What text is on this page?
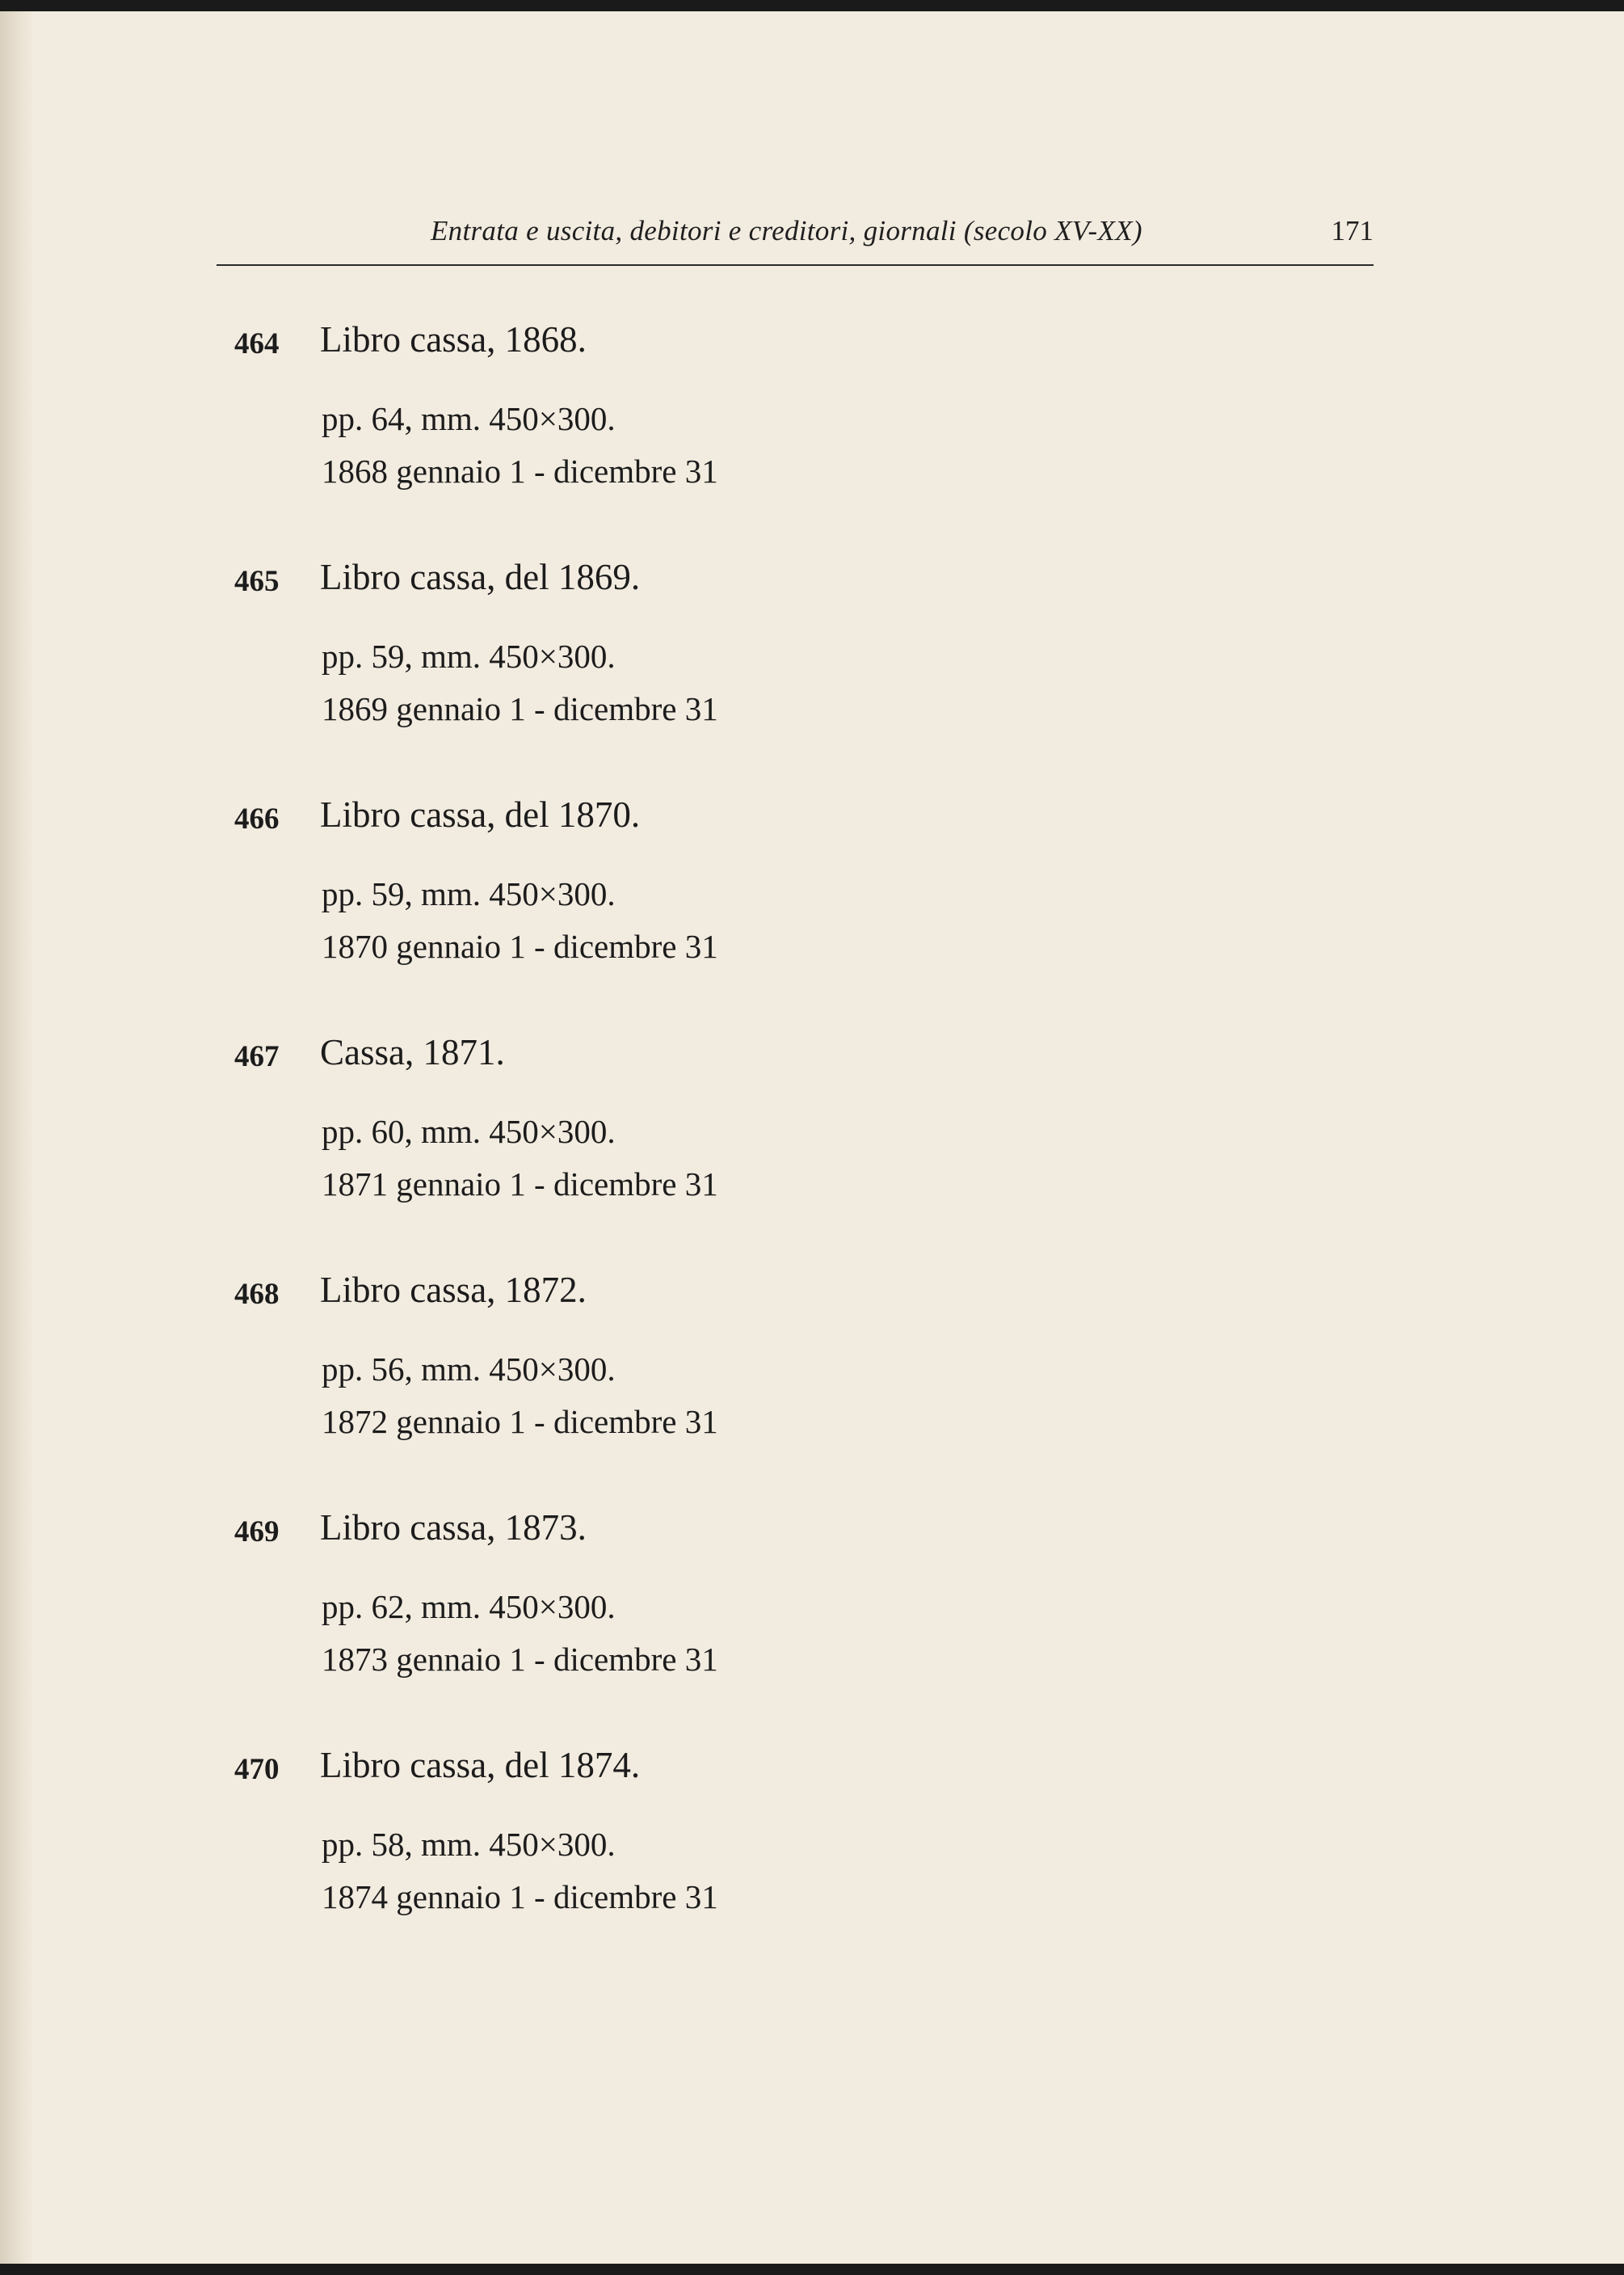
Entrata e uscita, debitori e creditori, giornali (secolo XV-XX)	171
464 Libro cassa, 1868.
pp. 64, mm. 450×300.
1868 gennaio 1 - dicembre 31
465 Libro cassa, del 1869.
pp. 59, mm. 450×300.
1869 gennaio 1 - dicembre 31
466 Libro cassa, del 1870.
pp. 59, mm. 450×300.
1870 gennaio 1 - dicembre 31
467 Cassa, 1871.
pp. 60, mm. 450×300.
1871 gennaio 1 - dicembre 31
468 Libro cassa, 1872.
pp. 56, mm. 450×300.
1872 gennaio 1 - dicembre 31
469 Libro cassa, 1873.
pp. 62, mm. 450×300.
1873 gennaio 1 - dicembre 31
470 Libro cassa, del 1874.
pp. 58, mm. 450×300.
1874 gennaio 1 - dicembre 31
